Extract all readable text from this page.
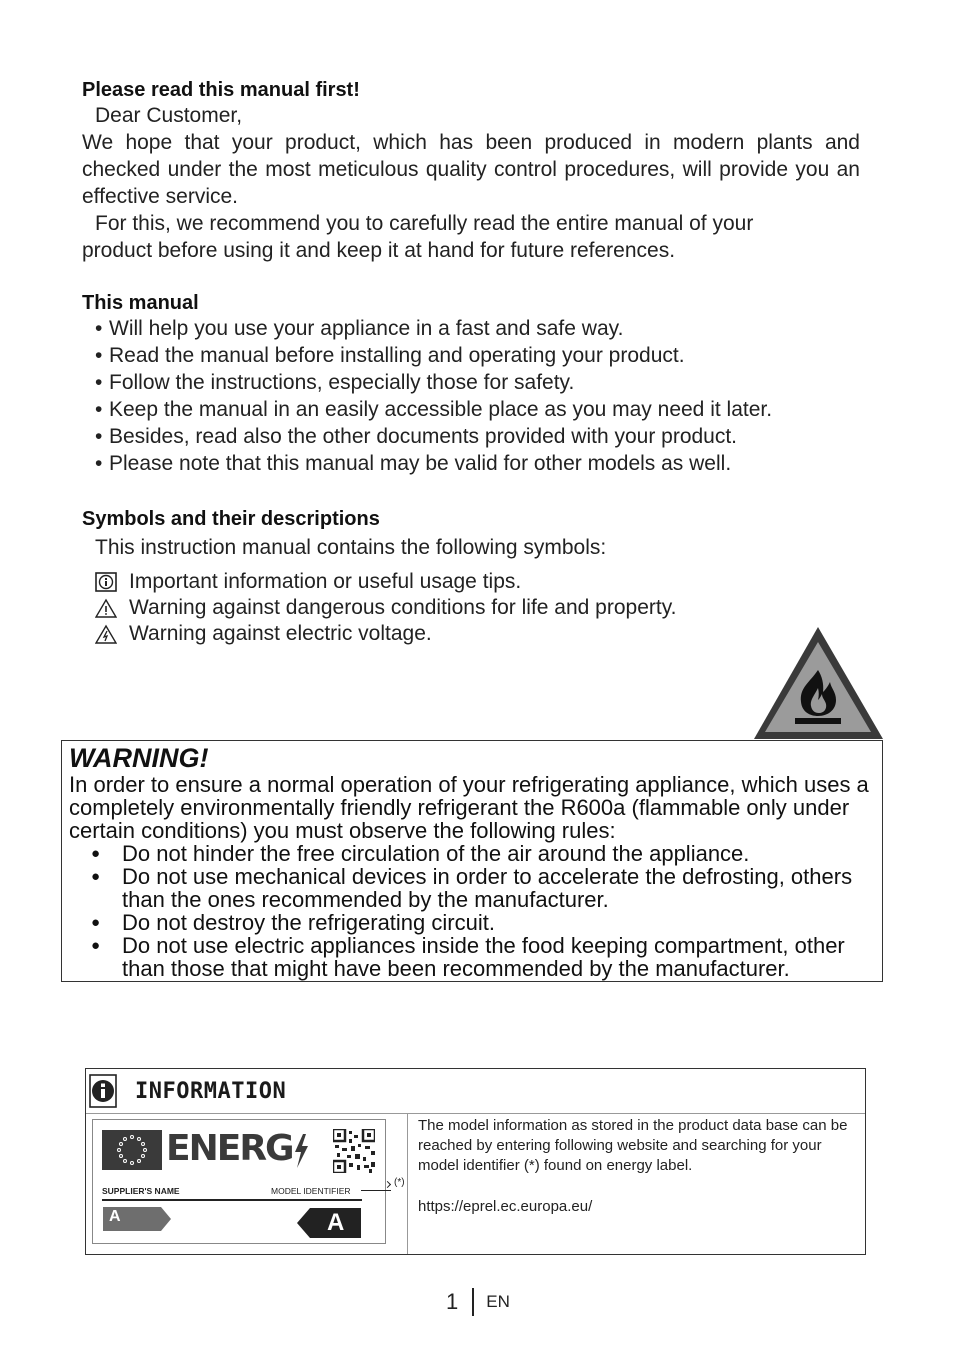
Please read this manual first!
Dear Customer,
We hope that your product, which has been produced in modern plants and checked under the most meticulous quality control procedures, will provide you an effective service.
For this, we recommend you to carefully read the entire manual of your
product before using it and keep it at hand for future references.
This manual
• Will help you use your appliance in a fast and safe way.
• Read the manual before installing and operating your product.
• Follow the instructions, especially those for safety.
• Keep the manual in an easily accessible place as you may need it later.
• Besides, read also the other documents provided with your product.
• Please note that this manual may be valid for other models as well.
Symbols and their descriptions
This instruction manual contains the following symbols:
Important information or useful usage tips.
Warning against dangerous conditions for life and property.
Warning against electric voltage.
WARNING!
In order to ensure a normal operation of your refrigerating appliance, which uses a completely environmentally friendly refrigerant the R600a (flammable only under certain conditions) you must observe the following rules:
● Do not hinder the free circulation of the air around the appliance.
● Do not use mechanical devices in order to accelerate the defrosting, others than the ones recommended by the manufacturer.
● Do not destroy the refrigerating circuit.
● Do not use electric appliances inside the food keeping compartment, other than those that might have been recommended by the manufacturer.
INFORMATION
ENERG
SUPPLIER'S NAME	MODEL IDENTIFIER
A	A
(*)
The model information as stored in the product data base can be reached by entering following website and searching for your model identifier (*) found on energy label.
https://eprel.ec.europa.eu/
1 EN
